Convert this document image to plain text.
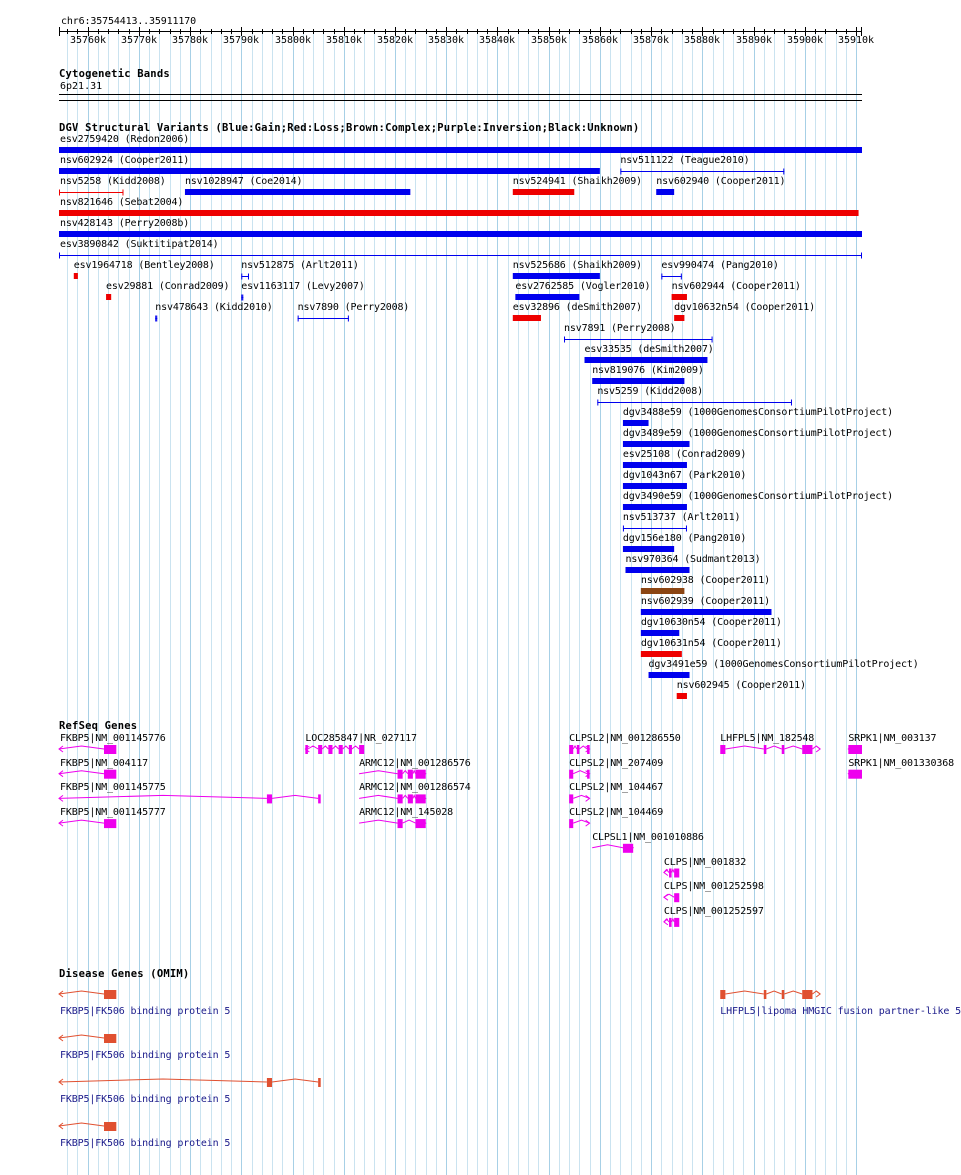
chr6:35754413..35911170
35760k 35770k 35780k 35790k 35800k 35810k 35820k 35830k 35840k 35850k 35860k 35870k 35880k 35890k 35900k 35910k
Cytogenetic Bands
6p21.31
DGV Structural Variants (Blue:Gain;Red:Loss;Brown:Complex;Purple:Inversion;Black:Unknown)
RefSeq Genes
Disease Genes (OMIM)
esv2759420 (Redon2006)
nsv602924 (Cooper2011)	nsv511122 (Teague2010)
nsv5258 (Kidd2008) nsv1028947 (Coe2014)	nsv524941 (Shaikh2009) nsv602940 (Cooper2011)
nsv821646 (Sebat2004)
nsv428143 (Perry2008b)
esv3890842 (Suktitipat2014)
esv1964718 (Bentley2008)	nsv512875 (Arlt2011)	nsv525686 (Shaikh2009) esv990474 (Pang2010)
esv29881 (Conrad2009) esv1163117 (Levy2007)	esv2762585 (Vogler2010) nsv602944 (Cooper2011)
nsv478643 (Kidd2010) nsv7890 (Perry2008)	esv32896 (deSmith2007)	dgv10632n54 (Cooper2011)
nsv7891 (Perry2008)
esv33535 (deSmith2007)
nsv819076 (Kim2009)
nsv5259 (Kidd2008)
dgv3488e59 (1000GenomesConsortiumPilotProject)
dgv3489e59 (1000GenomesConsortiumPilotProject)
esv25108 (Conrad2009)
dgv1043n67 (Park2010)
dgv3490e59 (1000GenomesConsortiumPilotProject)
nsv513737 (Arlt2011)
dgv156e180 (Pang2010)
nsv970364 (Sudmant2013)
nsv602938 (Cooper2011)
nsv602939 (Cooper2011)
dgv10630n54 (Cooper2011)
dgv10631n54 (Cooper2011)
dgv3491e59 (1000GenomesConsortiumPilotProject)
nsv602945 (Cooper2011)
FKBP5|NM_001145776	LOC285847|NR_027117	CLPSL2|NM_001286550	LHFPL5|NM_182548	SRPK1|NM_003137
FKBP5|NM_004117	ARMC12|NM_001286576	CLPSL2|NM_207409	SRPK1|NM_001330368
FKBP5|NM_001145775	ARMC12|NM_001286574	CLPSL2|NM_104467
FKBP5|NM_001145777	ARMC12|NM_145028	CLPSL2|NM_104469
CLPSL1|NM_001010886
CLPS|NM_001832
CLPS|NM_001252598
CLPS|NM_001252597
FKBP5|FK506 binding protein 5	LHFPL5|lipoma HMGIC fusion partner-like 5
FKBP5|FK506 binding protein 5
FKBP5|FK506 binding protein 5
FKBP5|FK506 binding protein 5
